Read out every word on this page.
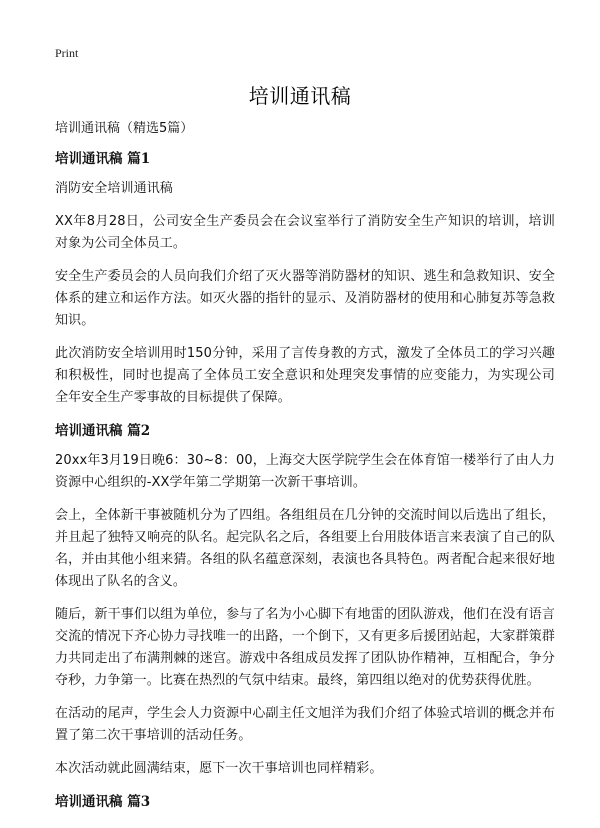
Print
培训通讯稿

培训通讯稿（精选5篇）

培训通讯稿 篇1

消防安全培训通讯稿

XX年8月28日，公司安全生产委员会在会议室举行了消防安全生产知识的培训，培训对象为公司全体员工。

安全生产委员会的人员向我们介绍了灭火器等消防器材的知识、逃生和急救知识、安全体系的建立和运作方法。如灭火器的指针的显示、及消防器材的使用和心肺复苏等急救知识。

此次消防安全培训用时150分钟，采用了言传身教的方式，激发了全体员工的学习兴趣和积极性，同时也提高了全体员工安全意识和处理突发事情的应变能力，为实现公司 全年安全生产零事故的目标提供了保障。

培训通讯稿 篇2

20xx年3月19日晚6：30~8：00，上海交大医学院学生会在体育馆一楼举行了由人力资源中心组织的-XX学年第二学期第一次新干事培训。

会上，全体新干事被随机分为了四组。各组组员在几分钟的交流时间以后选出了组长，并且起了独特又响亮的队名。起完队名之后，各组要上台用肢体语言来表演了自己的队名，并由其他小组来猜。各组的队名蕴意深刻，表演也各具特色。两者配合起来很好地体现出了队名的含义。

随后，新干事们以组为单位，参与了名为小心脚下有地雷的团队游戏，他们在没有语言交流的情况下齐心协力寻找唯一的出路，一个倒下，又有更多后援团站起，大家群策群力共同走出了布满荆棘的迷宫。游戏中各组成员发挥了团队协作精神，互相配合，争分夺秒，力争第一。比赛在热烈的气氛中结束。最终，第四组以绝对的优势获得优胜。

在活动的尾声，学生会人力资源中心副主任文旭洋为我们介绍了体验式培训的概念并布置了第二次干事培训的活动任务。

本次活动就此圆满结束，愿下一次干事培训也同样精彩。

培训通讯稿 篇3
